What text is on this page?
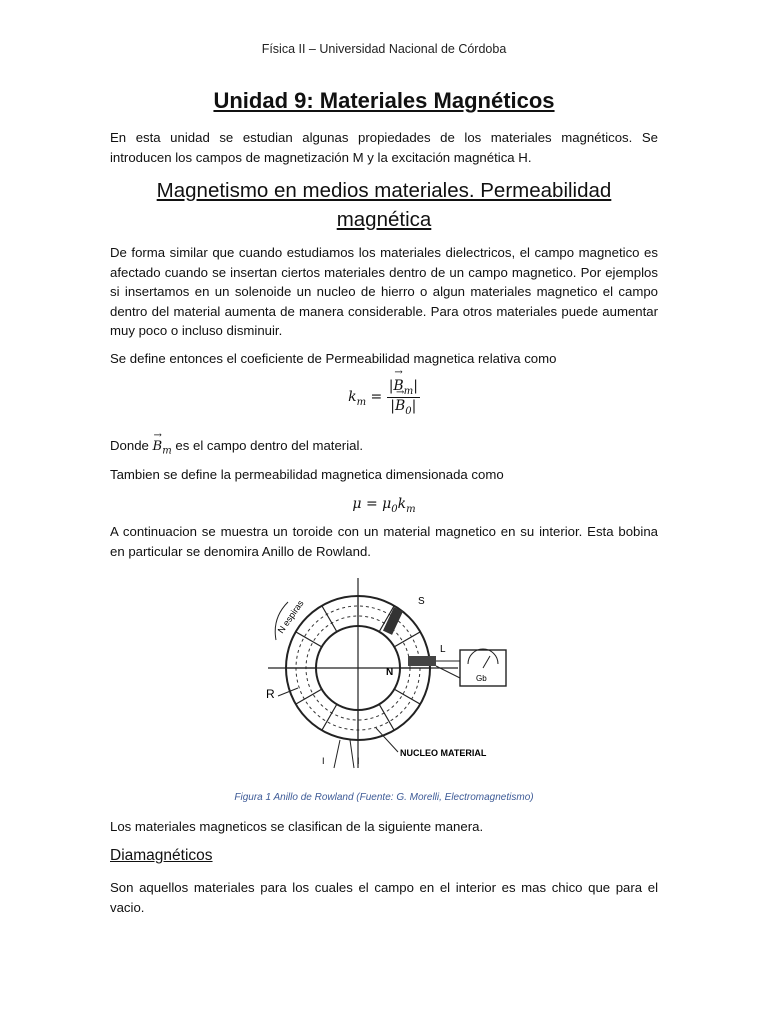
Física II – Universidad Nacional de Córdoba
Unidad 9: Materiales Magnéticos
En esta unidad se estudian algunas propiedades de los materiales magnéticos. Se introducen los campos de magnetización M y la excitación magnética H.
Magnetismo en medios materiales. Permeabilidad magnética
De forma similar que cuando estudiamos los materiales dielectricos, el campo magnetico es afectado cuando se insertan ciertos materiales dentro de un campo magnetico. Por ejemplos si insertamos en un solenoide un nucleo de hierro o algun materiales magnetico el campo dentro del material aumenta de manera considerable. Para otros materiales puede aumentar muy poco o incluso disminuir.
Se define entonces el coeficiente de Permeabilidad magnetica relativa como
$k_m = \frac{|\to B_m|}{|\to B_0|}$
Donde → $B_m$ es el campo dentro del material.
Tambien se define la permeabilidad magnetica dimensionada como
$\mu = \mu_0k_m$
A continuacion se muestra un toroide con un material magnetico en su interior. Esta bobina en particular se denomira Anillo de Rowland.
S
L
N
Gb
N espiras
R
NUCLEO MATERIAL
I	I
Figura 1 Anillo de Rowland (Fuente: G. Morelli, Electromagnetismo)
Los materiales magneticos se clasifican de la siguiente manera.
Diamagnéticos
Son aquellos materiales para los cuales el campo en el interior es mas chico que para el vacio.
